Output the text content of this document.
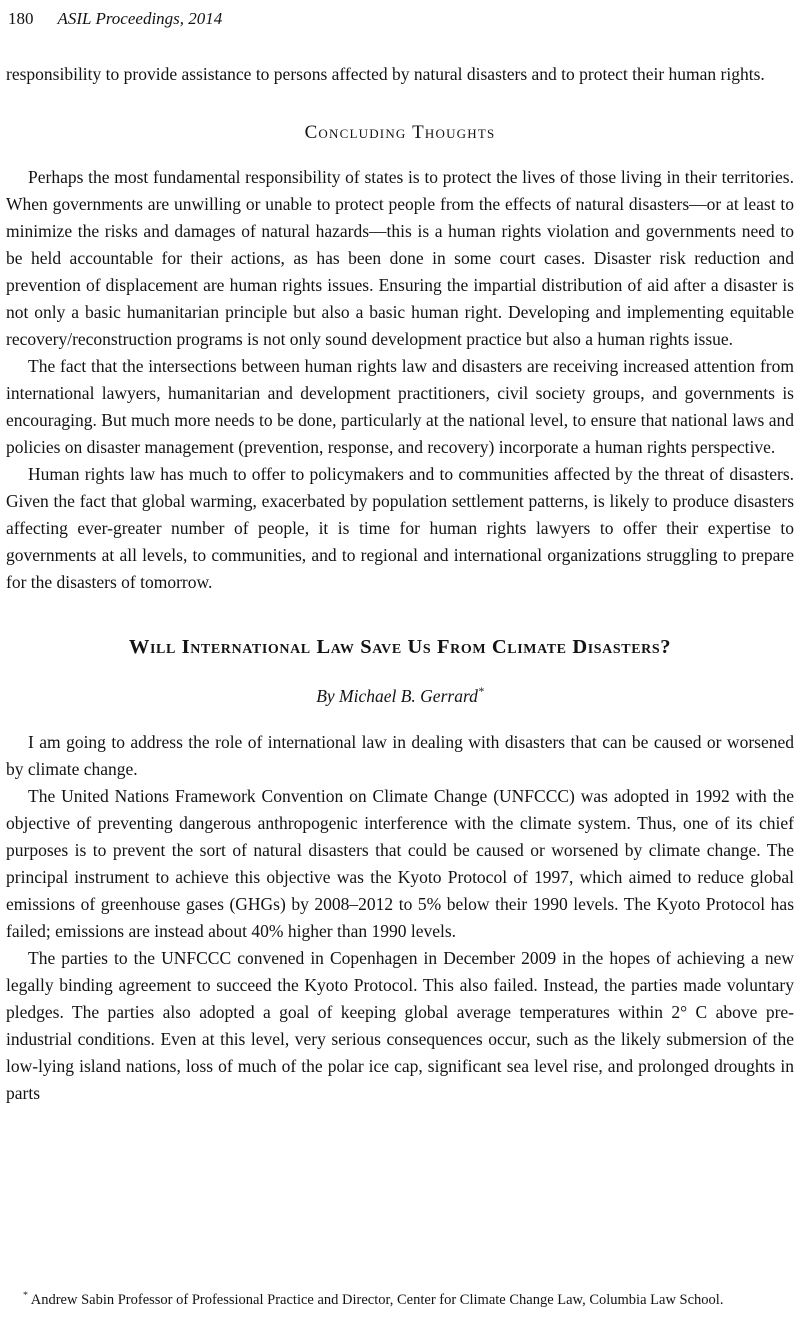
180 ASIL Proceedings, 2014

responsibility to provide assistance to persons affected by natural disasters and to protect their human rights.

Concluding Thoughts

Perhaps the most fundamental responsibility of states is to protect the lives of those living in their territories. When governments are unwilling or unable to protect people from the effects of natural disasters—or at least to minimize the risks and damages of natural hazards—this is a human rights violation and governments need to be held accountable for their actions, as has been done in some court cases. Disaster risk reduction and prevention of displacement are human rights issues. Ensuring the impartial distribution of aid after a disaster is not only a basic humanitarian principle but also a basic human right. Developing and implementing equitable recovery/reconstruction programs is not only sound development practice but also a human rights issue.

The fact that the intersections between human rights law and disasters are receiving increased attention from international lawyers, humanitarian and development practitioners, civil society groups, and governments is encouraging. But much more needs to be done, particularly at the national level, to ensure that national laws and policies on disaster management (prevention, response, and recovery) incorporate a human rights perspective.

Human rights law has much to offer to policymakers and to communities affected by the threat of disasters. Given the fact that global warming, exacerbated by population settlement patterns, is likely to produce disasters affecting ever-greater number of people, it is time for human rights lawyers to offer their expertise to governments at all levels, to communities, and to regional and international organizations struggling to prepare for the disasters of tomorrow.

Will International Law Save Us From Climate Disasters?

By Michael B. Gerrard*

I am going to address the role of international law in dealing with disasters that can be caused or worsened by climate change.

The United Nations Framework Convention on Climate Change (UNFCCC) was adopted in 1992 with the objective of preventing dangerous anthropogenic interference with the climate system. Thus, one of its chief purposes is to prevent the sort of natural disasters that could be caused or worsened by climate change. The principal instrument to achieve this objective was the Kyoto Protocol of 1997, which aimed to reduce global emissions of greenhouse gases (GHGs) by 2008–2012 to 5% below their 1990 levels. The Kyoto Protocol has failed; emissions are instead about 40% higher than 1990 levels.

The parties to the UNFCCC convened in Copenhagen in December 2009 in the hopes of achieving a new legally binding agreement to succeed the Kyoto Protocol. This also failed. Instead, the parties made voluntary pledges. The parties also adopted a goal of keeping global average temperatures within 2° C above pre-industrial conditions. Even at this level, very serious consequences occur, such as the likely submersion of the low-lying island nations, loss of much of the polar ice cap, significant sea level rise, and prolonged droughts in parts

* Andrew Sabin Professor of Professional Practice and Director, Center for Climate Change Law, Columbia Law School.
